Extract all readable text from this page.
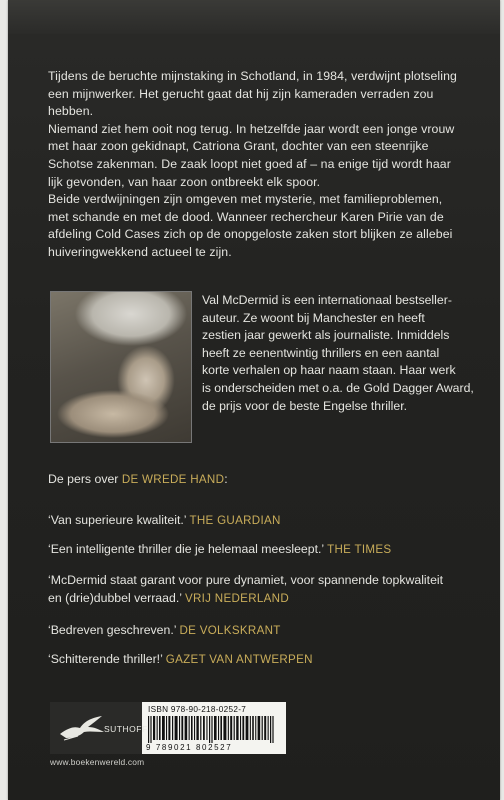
Tijdens de beruchte mijnstaking in Schotland, in 1984, verdwijnt plotseling
een mijnwerker. Het gerucht gaat dat hij zijn kameraden verraden zou hebben.
Niemand ziet hem ooit nog terug. In hetzelfde jaar wordt een jonge vrouw
met haar zoon gekidnapt, Catriona Grant, dochter van een steenrijke
Schotse zakenman. De zaak loopt niet goed af – na enige tijd wordt haar
lijk gevonden, van haar zoon ontbreekt elk spoor.
Beide verdwijningen zijn omgeven met mysterie, met familieproblemen,
met schande en met de dood. Wanneer rechercheur Karen Pirie van de
afdeling Cold Cases zich op de onopgeloste zaken stort blijken ze allebei
huiveringwekkend actueel te zijn.
Val McDermid is een internationaal bestseller-
auteur. Ze woont bij Manchester en heeft
zestien jaar gewerkt als journaliste. Inmiddels
heeft ze eenentwintig thrillers en een aantal
korte verhalen op haar naam staan. Haar werk
is onderscheiden met o.a. de Gold Dagger Award,
de prijs voor de beste Engelse thriller.
De pers over DE WREDE HAND:
‘Van superieure kwaliteit.’ THE GUARDIAN
‘Een intelligente thriller die je helemaal meesleept.’ THE TIMES
‘McDermid staat garant voor pure dynamiet, voor spannende topkwaliteit
en (drie)dubbel verraad.’ VRIJ NEDERLAND
‘Bedreven geschreven.’ DE VOLKSKRANT
‘Schitterende thriller!’ GAZET VAN ANTWERPEN
SUTHOFF
ISBN 978-90-218-0252-7
9 789021 802527
www.boekenwereld.com
